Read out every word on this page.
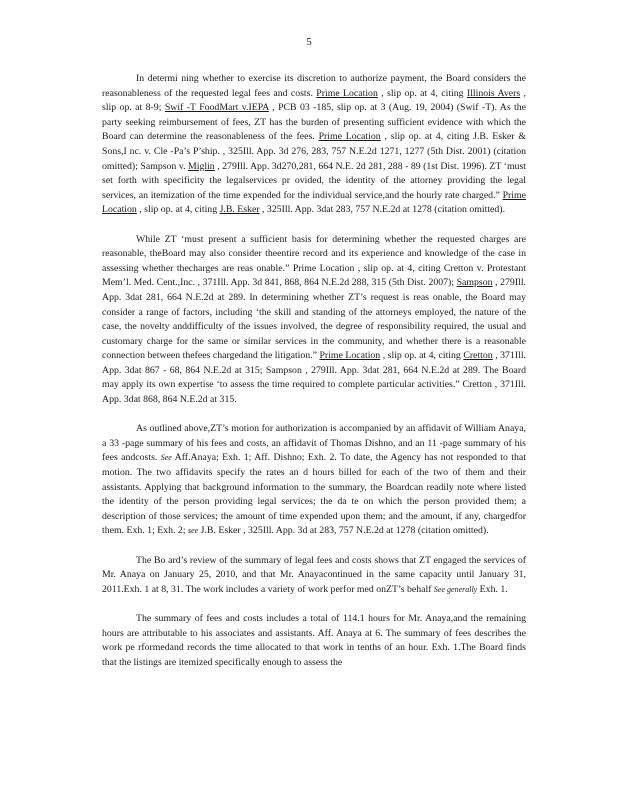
5

In determi ning whether to exercise its discretion to authorize payment, the Board considers the reasonableness of the requested legal fees and costs. Prime Location , slip op. at 4, citing Illinois Avers , slip op. at 8-9; Swif -T FoodMart v.IEPA , PCB 03 -185, slip op. at 3 (Aug. 19, 2004) (Swif -T). As the party seeking reimbursement of fees, ZT has the burden of presenting sufficient evidence with which the Board can determine the reasonableness of the fees. Prime Location , slip op. at 4, citing J.B. Esker & Sons,I nc. v. Cle -Pa’s P’ship. , 325Ill. App. 3d 276, 283, 757 N.E.2d 1271, 1277 (5th Dist. 2001) (citation omitted); Sampson v. Miglin , 279Ill. App. 3d270,281, 664 N.E. 2d 281, 288 - 89 (1st Dist. 1996). ZT ‘must set forth with specificity the legalservices pr ovided, the identity of the attorney providing the legal services, an itemization of the time expended for the individual service,and the hourly rate charged.” Prime Location , slip op. at 4, citing J.B. Esker , 325Ill. App. 3dat 283, 757 N.E.2d at 1278 (citation omitted).

While ZT ‘must present a sufficient basis for determining whether the requested charges are reasonable, theBoard may also consider theentire record and its experience and knowledge of the case in assessing whether thecharges are reas onable.” Prime Location , slip op. at 4, citing Cretton v. Protestant Mem’l. Med. Cent.,Inc. , 371Ill. App. 3d 841, 868, 864 N.E.2d 288, 315 (5th Dist. 2007); Sampson , 279Ill. App. 3dat 281, 664 N.E.2d at 289. In determining whether ZT’s request is reas onable, the Board may consider a range of factors, including ‘the skill and standing of the attorneys employed, the nature of the case, the novelty anddifficulty of the issues involved, the degree of responsibility required, the usual and customary charge for the same or similar services in the community, and whether there is a reasonable connection between thefees chargedand the litigation.” Prime Location , slip op. at 4, citing Cretton , 371Ill. App. 3dat 867 - 68, 864 N.E.2d at 315; Sampson , 279Ill. App. 3dat 281, 664 N.E.2d at 289. The Board may apply its own expertise ‘to assess the time required to complete particular activities.” Cretton , 371Ill. App. 3dat 868, 864 N.E.2d at 315.

As outlined above,ZT’s motion for authorization is accompanied by an affidavit of William Anaya, a 33 -page summary of his fees and costs, an affidavit of Thomas Dishno, and an 11 -page summary of his fees andcosts. See Aff.Anaya; Exh. 1; Aff. Dishno; Exh. 2. To date, the Agency has not responded to that motion. The two affidavits specify the rates an d hours billed for each of the two of them and their assistants. Applying that background information to the summary, the Boardcan readily note where listed the identity of the person providing legal services; the da te on which the person provided them; a description of those services; the amount of time expended upon them; and the amount, if any, chargedfor them. Exh. 1; Exh. 2; see J.B. Esker , 325Ill. App. 3d at 283, 757 N.E.2d at 1278 (citation omitted).

The Bo ard’s review of the summary of legal fees and costs shows that ZT engaged the services of Mr. Anaya on January 25, 2010, and that Mr. Anayacontinued in the same capacity until January 31, 2011.Exh. 1 at 8, 31. The work includes a variety of work perfor med onZT’s behalf See generally Exh. 1.

The summary of fees and costs includes a total of 114.1 hours for Mr. Anaya,and the remaining hours are attributable to his associates and assistants. Aff. Anaya at 6. The summary of fees describes the work pe rformedand records the time allocated to that work in tenths of an hour. Exh. 1.The Board finds that the listings are itemized specifically enough to assess the
